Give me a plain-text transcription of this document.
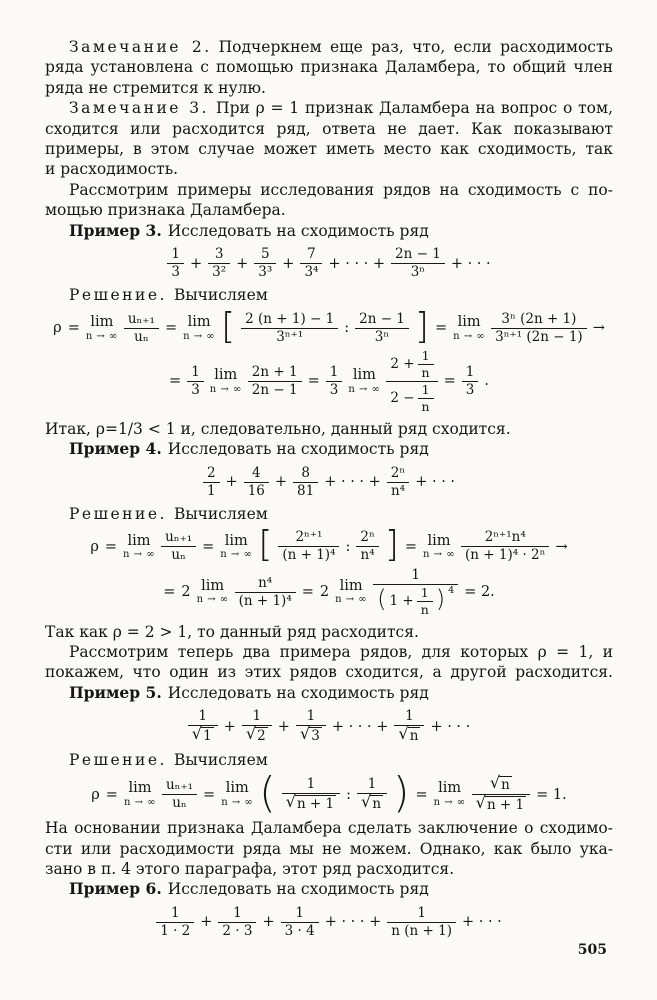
Замечание 2. Подчеркнем еще раз, что, если расходимость
ряда установлена с помощью признака Даламбера, то общий член
ряда не стремится к нулю.
Замечание 3. При ρ = 1 признак Даламбера на вопрос о том,
сходится или расходится ряд, ответа не дает. Как показывают
примеры, в этом случае может иметь место как сходимость, так
и расходимость.
Рассмотрим примеры исследования рядов на сходимость с по-
мощью признака Даламбера.
Пример 3. Исследовать на сходимость ряд
$\frac{1}{3} + \frac{3}{\text{3²}} + \frac{5}{\text{3³}} + \frac{7}{\text{3⁴}}$ + · · · + $\frac{2n - 1}{\text{3ⁿ}}$ + · · ·
Решение. Вычисляем
ρ = lim
n → ∞ $\frac{\text{uₙ₊₁}}{\text{uₙ}} = \lim$
n → ∞ [ $\frac{2 (n + 1) - 1}{\text{3ⁿ⁺¹}}$ : $\frac{2n - 1}{\text{3ⁿ}}$ ] = lim
n → ∞ $\frac{\text{3ⁿ (2n + 1)}}{\text{3ⁿ⁺¹ (2n − 1)}}$ →
= $\frac{1}{3}$ lim
n → ∞ $\frac{2n + 1}{2n - 1} = \frac{1}{3}$ lim
n → ∞ $\frac{2 + \frac{1}{n}}{2 - \frac{1}{n}} = \frac{1}{3}$ .
Итак, ρ=1/3 < 1 и, следовательно, данный ряд сходится.
Пример 4. Исследовать на сходимость ряд
$\frac{2}{1} + \frac{4}{16} + \frac{8}{81}$ + · · · + $\frac{\text{2ⁿ}}{\text{n⁴}}$ + · · ·
Решение. Вычисляем
ρ = lim
n → ∞ $\frac{\text{uₙ₊₁}}{\text{uₙ}} = \lim$
n → ∞ [ $\frac{\text{2ⁿ⁺¹}}{\text{(n + 1)⁴}}$ : $\frac{\text{2ⁿ}}{\text{n⁴}}$ ] = lim
n → ∞ $\frac{\text{2ⁿ⁺¹n⁴}}{\text{(n + 1)⁴ · 2ⁿ}}$ →
= 2 lim
n → ∞ $\frac{\text{n⁴}}{\text{(n + 1)⁴}} = 2$ lim
n → ∞ $\frac{1}{( 1 + \frac{1}{n} ) 4} = 2$.
Так как ρ = 2 > 1, то данный ряд расходится.
Рассмотрим теперь два примера рядов, для которых ρ = 1, и
покажем, что один из этих рядов сходится, а другой расходится.
Пример 5. Исследовать на сходимость ряд
$\frac{1}{√ 1} + \frac{1}{√ 2} + \frac{1}{√ 3}$ + · · · + $\frac{1}{√ n}$ + · · ·
Решение. Вычисляем
ρ = lim
n → ∞ $\frac{\text{uₙ₊₁}}{\text{uₙ}} = \lim$
n → ∞ ( $\frac{1}{√ n + 1}$ : $\frac{1}{√ n}$ ) = lim
n → ∞ $\frac{√ n}{√ n + 1} = 1$.
На основании признака Даламбера сделать заключение о сходимо-
сти или расходимости ряда мы не можем. Однако, как было ука-
зано в п. 4 этого параграфа, этот ряд расходится.
Пример 6. Исследовать на сходимость ряд
$\frac{1}{1 \cdot 2} + \frac{1}{2 \cdot 3} + \frac{1}{3 \cdot 4}$ + · · · + $\frac{1}{n (n + 1)}$ + · · ·
505
